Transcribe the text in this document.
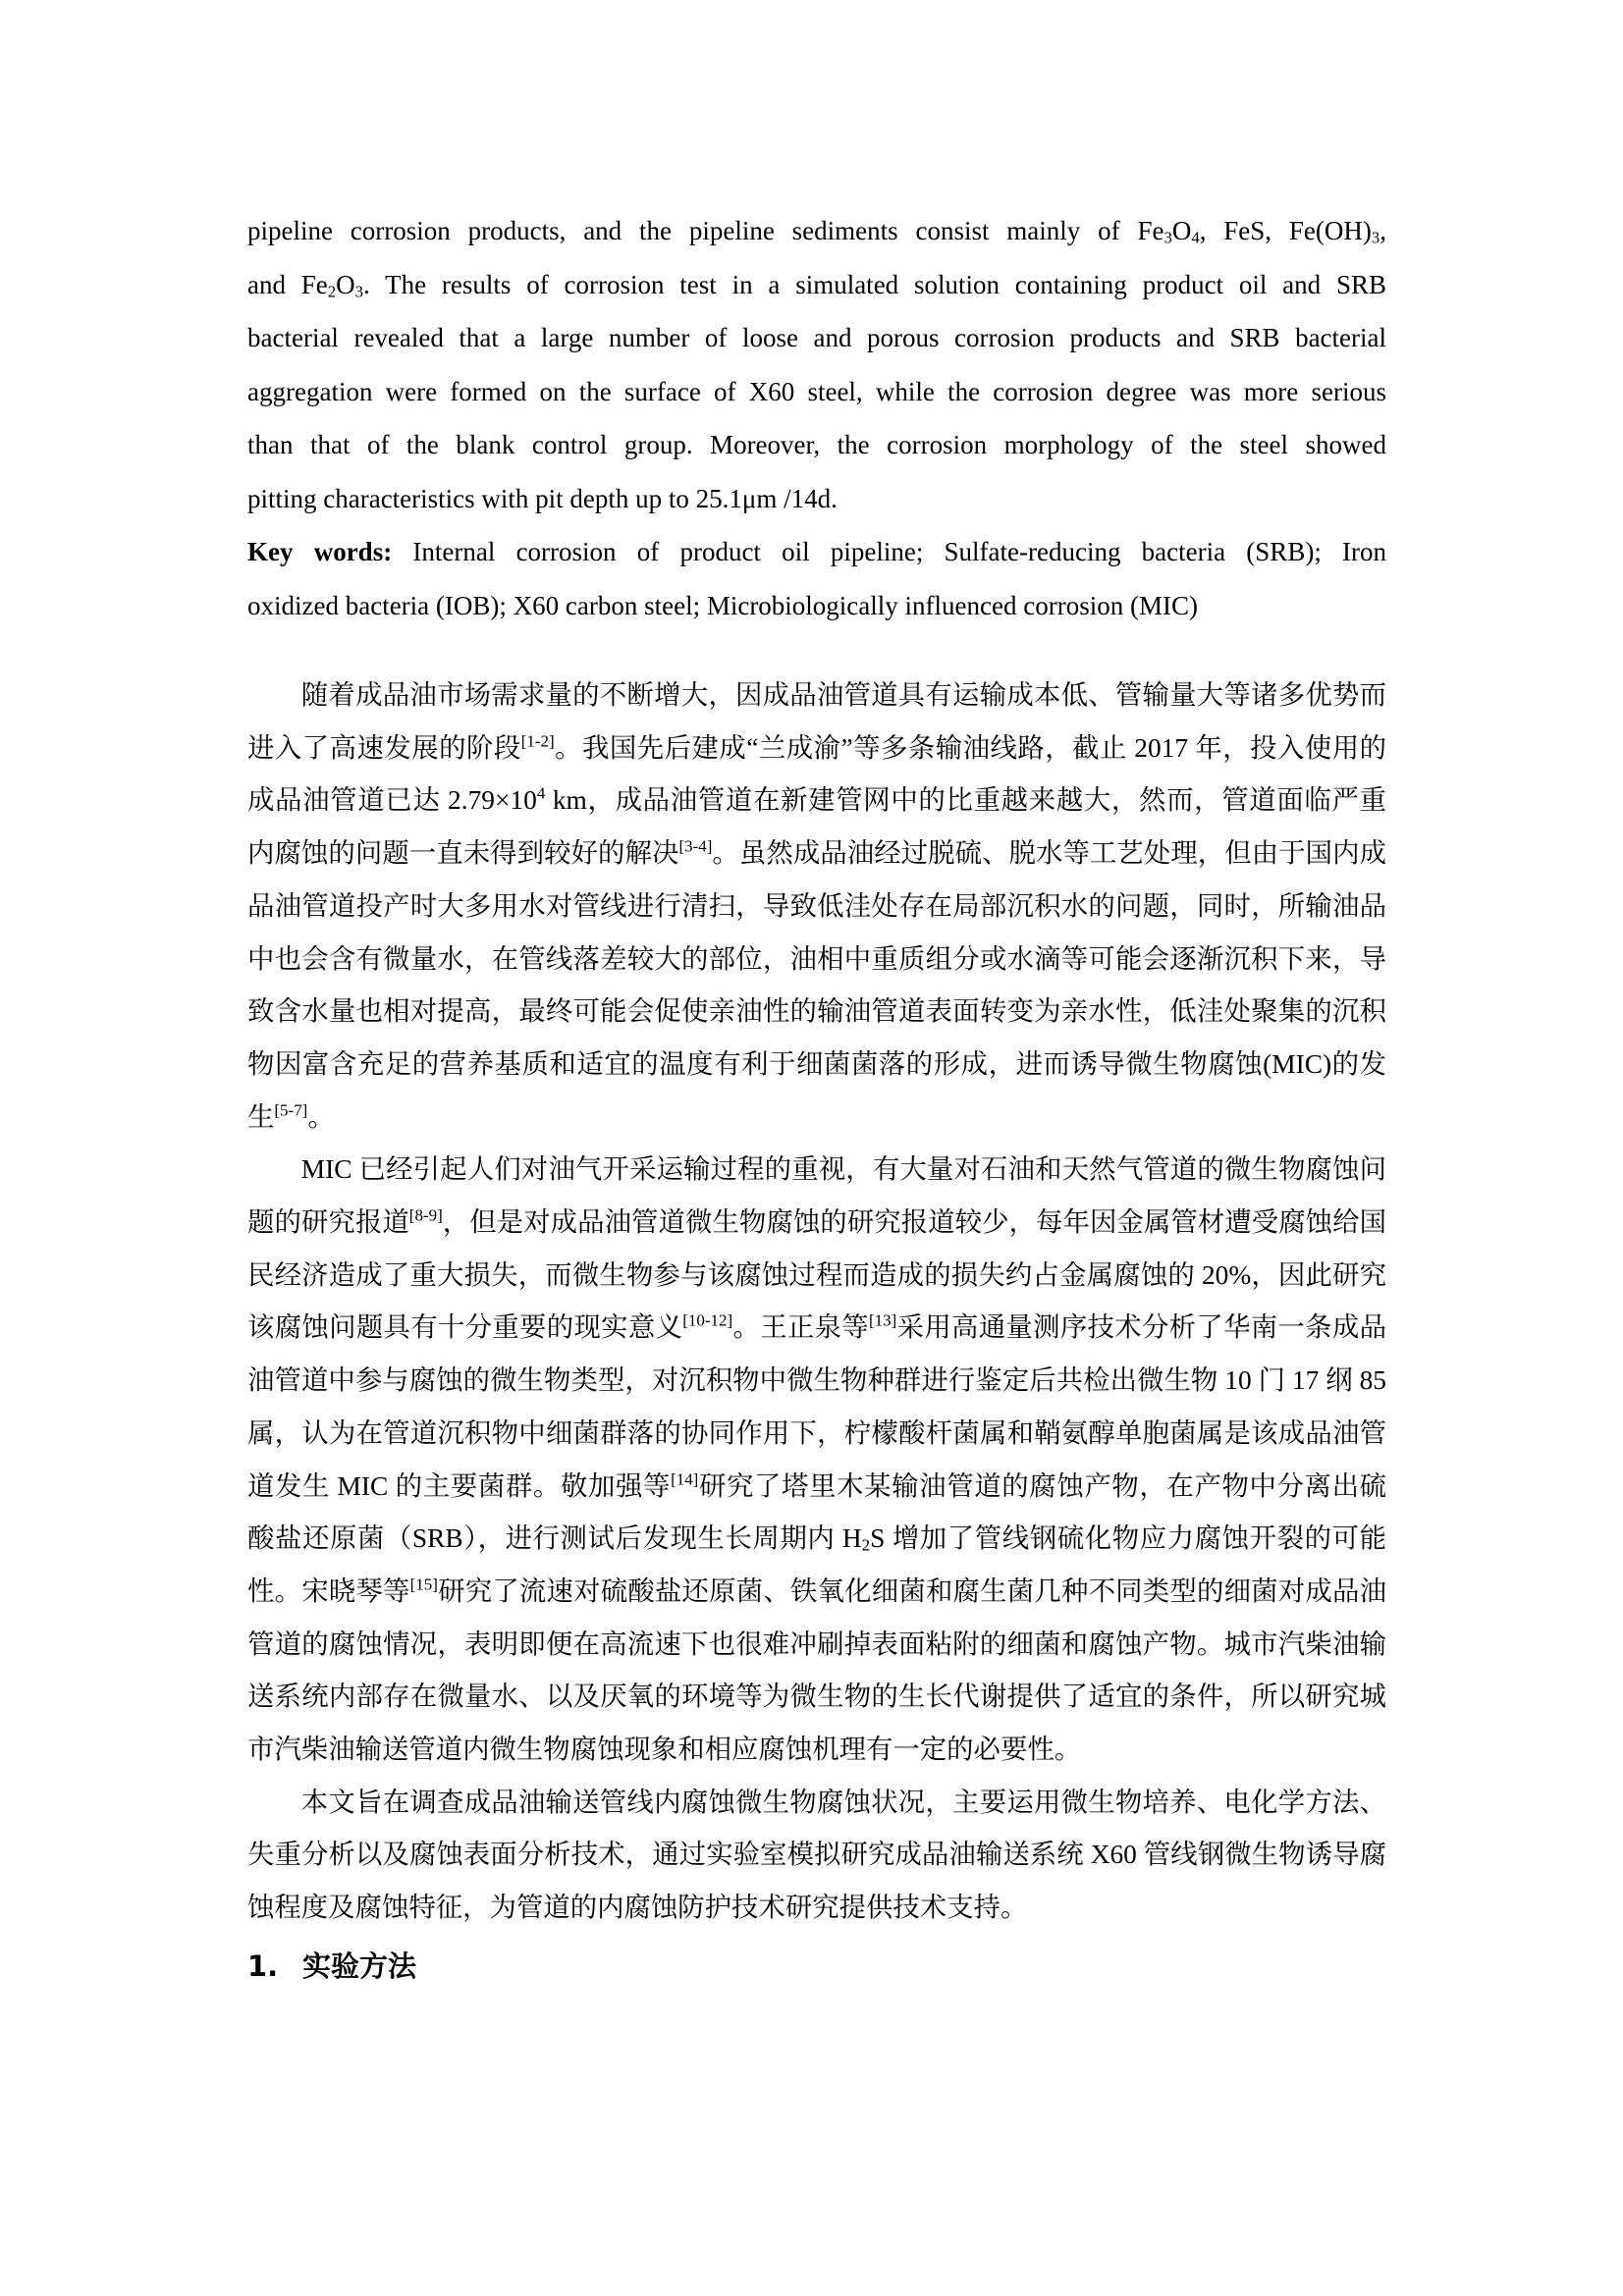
pipeline corrosion products, and the pipeline sediments consist mainly of $Fe_3O_4$, FeS, $Fe(OH)_3$,
and $Fe_2O_3$. The results of corrosion test in a simulated solution containing product oil and SRB
bacterial revealed that a large number of loose and porous corrosion products and SRB bacterial
aggregation were formed on the surface of X60 steel, while the corrosion degree was more serious
than that of the blank control group. Moreover, the corrosion morphology of the steel showed
pitting characteristics with pit depth up to 25.1μm /14d.
Key words: Internal corrosion of product oil pipeline; Sulfate-reducing bacteria (SRB); Iron
oxidized bacteria (IOB); X60 carbon steel; Microbiologically influenced corrosion (MIC)

随着成品油市场需求量的不断增大，因成品油管道具有运输成本低、管输量大等诸多优势而进入了高速发展的阶段[1-2]。我国先后建成“兰成渝”等多条输油线路，截止 2017 年，投入使用的成品油管道已达 $2.79\times 10^4$ km，成品油管道在新建管网中的比重越来越大，然而，管道面临严重内腐蚀的问题一直未得到较好的解决[3-4]。虽然成品油经过脱硫、脱水等工艺处理，但由于国内成品油管道投产时大多用水对管线进行清扫，导致低洼处存在局部沉积水的问题，同时，所输油品中也会含有微量水，在管线落差较大的部位，油相中重质组分或水滴等可能会逐渐沉积下来，导致含水量也相对提高，最终可能会促使亲油性的输油管道表面转变为亲水性，低洼处聚集的沉积物因富含充足的营养基质和适宜的温度有利于细菌菌落的形成，进而诱导微生物腐蚀(MIC)的发生[5-7]。

MIC 已经引起人们对油气开采运输过程的重视，有大量对石油和天然气管道的微生物腐蚀问题的研究报道[8-9]，但是对成品油管道微生物腐蚀的研究报道较少，每年因金属管材遭受腐蚀给国民经济造成了重大损失，而微生物参与该腐蚀过程而造成的损失约占金属腐蚀的 20%，因此研究该腐蚀问题具有十分重要的现实意义[10-12]。王正泉等[13]采用高通量测序技术分析了华南一条成品油管道中参与腐蚀的微生物类型，对沉积物中微生物种群进行鉴定后共检出微生物 10 门 17 纲 85 属，认为在管道沉积物中细菌群落的协同作用下，柠檬酸杆菌属和鞘氨醇单胞菌属是该成品油管道发生 MIC 的主要菌群。敬加强等[14]研究了塔里木某输油管道的腐蚀产物，在产物中分离出硫酸盐还原菌（SRB），进行测试后发现生长周期内 $H_2S$ 增加了管线钢硫化物应力腐蚀开裂的可能性。宋晓琴等[15]研究了流速对硫酸盐还原菌、铁氧化细菌和腐生菌几种不同类型的细菌对成品油管道的腐蚀情况，表明即便在高流速下也很难冲刷掉表面粘附的细菌和腐蚀产物。城市汽柴油输送系统内部存在微量水、以及厌氧的环境等为微生物的生长代谢提供了适宜的条件，所以研究城市汽柴油输送管道内微生物腐蚀现象和相应腐蚀机理有一定的必要性。

本文旨在调查成品油输送管线内腐蚀微生物腐蚀状况，主要运用微生物培养、电化学方法、失重分析以及腐蚀表面分析技术，通过实验室模拟研究成品油输送系统 X60 管线钢微生物诱导腐蚀程度及腐蚀特征，为管道的内腐蚀防护技术研究提供技术支持。

1. 实验方法
